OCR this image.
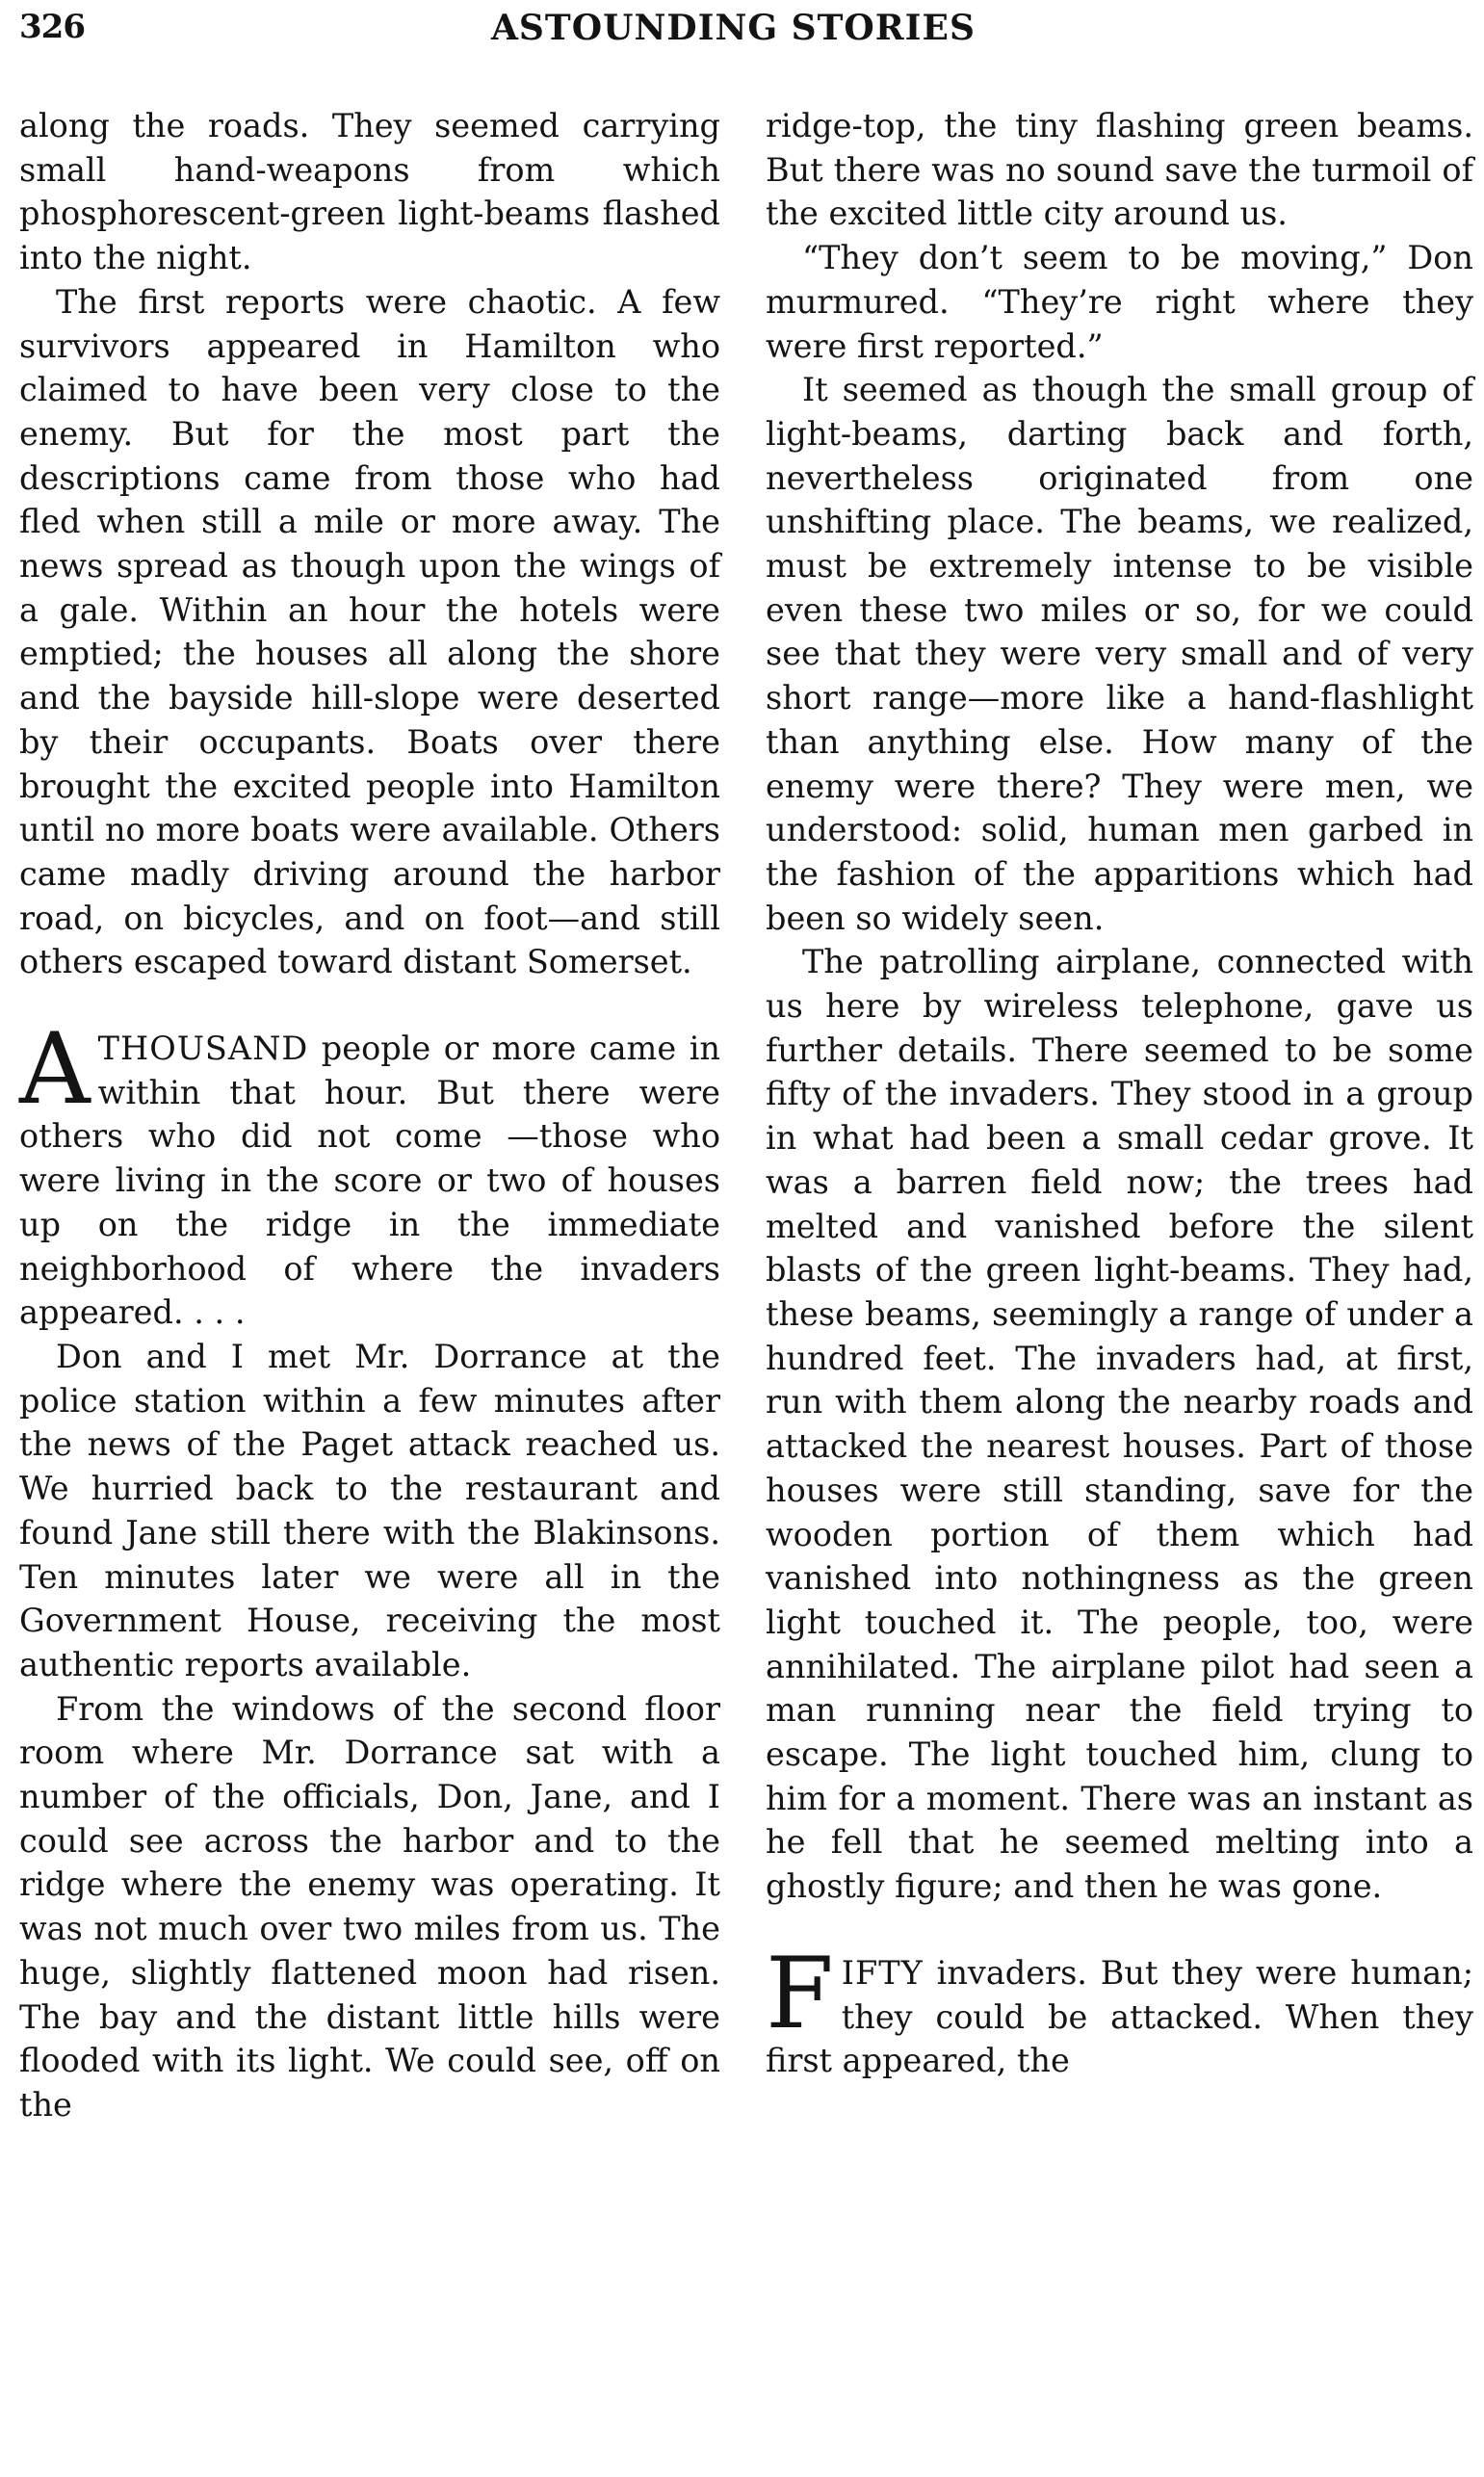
326	ASTOUNDING STORIES

along the roads. They seemed carrying small hand-weapons from which phosphorescent-green light-beams flashed into the night.

The first reports were chaotic. A few survivors appeared in Hamilton who claimed to have been very close to the enemy. But for the most part the descriptions came from those who had fled when still a mile or more away. The news spread as though upon the wings of a gale. Within an hour the hotels were emptied; the houses all along the shore and the bayside hill-slope were deserted by their occupants. Boats over there brought the excited people into Hamilton until no more boats were available. Others came madly driving around the harbor road, on bicycles, and on foot—and still others escaped toward distant Somerset.

ATHOUSAND people or more came in within that hour. But there were others who did not come —those who were living in the score or two of houses up on the ridge in the immediate neighborhood of where the invaders appeared. . . .

Don and I met Mr. Dorrance at the police station within a few minutes after the news of the Paget attack reached us. We hurried back to the restaurant and found Jane still there with the Blakinsons. Ten minutes later we were all in the Government House, receiving the most authentic reports available.

From the windows of the second floor room where Mr. Dorrance sat with a number of the officials, Don, Jane, and I could see across the harbor and to the ridge where the enemy was operating. It was not much over two miles from us. The huge, slightly flattened moon had risen. The bay and the distant little hills were flooded with its light. We could see, off on the

ridge-top, the tiny flashing green beams. But there was no sound save the turmoil of the excited little city around us.

“They don’t seem to be moving,” Don murmured. “They’re right where they were first reported.”

It seemed as though the small group of light-beams, darting back and forth, nevertheless originated from one unshifting place. The beams, we realized, must be extremely intense to be visible even these two miles or so, for we could see that they were very small and of very short range—more like a hand-flashlight than anything else. How many of the enemy were there? They were men, we understood: solid, human men garbed in the fashion of the apparitions which had been so widely seen.

The patrolling airplane, connected with us here by wireless telephone, gave us further details. There seemed to be some fifty of the invaders. They stood in a group in what had been a small cedar grove. It was a barren field now; the trees had melted and vanished before the silent blasts of the green light-beams. They had, these beams, seemingly a range of under a hundred feet. The invaders had, at first, run with them along the nearby roads and attacked the nearest houses. Part of those houses were still standing, save for the wooden portion of them which had vanished into nothingness as the green light touched it. The people, too, were annihilated. The airplane pilot had seen a man running near the field trying to escape. The light touched him, clung to him for a moment. There was an instant as he fell that he seemed melting into a ghostly figure; and then he was gone.

FIFTY invaders. But they were human; they could be attacked. When they first appeared, the
